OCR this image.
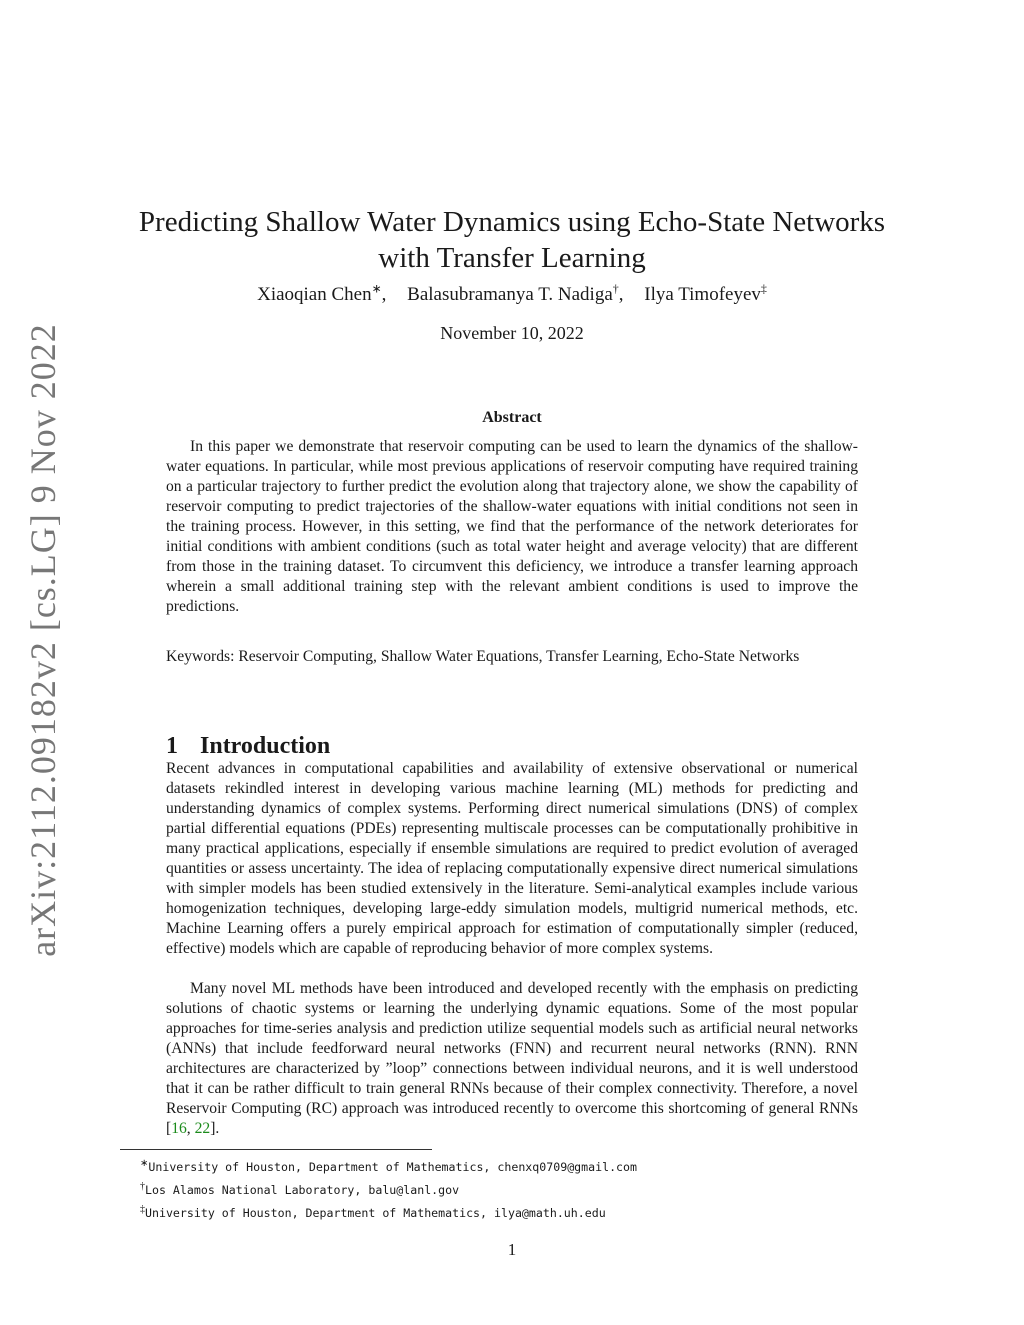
arXiv:2112.09182v2 [cs.LG] 9 Nov 2022
Predicting Shallow Water Dynamics using Echo-State Networks with Transfer Learning
Xiaoqian Chen∗, Balasubramanya T. Nadiga†, Ilya Timofeyev‡
November 10, 2022
Abstract

In this paper we demonstrate that reservoir computing can be used to learn the dynamics of the shallow-water equations. In particular, while most previous applications of reservoir computing have required training on a particular trajectory to further predict the evolution along that trajectory alone, we show the capability of reservoir computing to predict trajectories of the shallow-water equations with initial conditions not seen in the training process. However, in this setting, we find that the performance of the network deteriorates for initial conditions with ambient conditions (such as total water height and average velocity) that are different from those in the training dataset. To circumvent this deficiency, we introduce a transfer learning approach wherein a small additional training step with the relevant ambient conditions is used to improve the predictions.

Keywords: Reservoir Computing, Shallow Water Equations, Transfer Learning, Echo-State Networks

1 Introduction

Recent advances in computational capabilities and availability of extensive observational or numerical datasets rekindled interest in developing various machine learning (ML) methods for predicting and understanding dynamics of complex systems. Performing direct numerical simulations (DNS) of complex partial differential equations (PDEs) representing multiscale processes can be computationally prohibitive in many practical applications, especially if ensemble simulations are required to predict evolution of averaged quantities or assess uncertainty. The idea of replacing computationally expensive direct numerical simulations with simpler models has been studied extensively in the literature. Semi-analytical examples include various homogenization techniques, developing large-eddy simulation models, multigrid numerical methods, etc. Machine Learning offers a purely empirical approach for estimation of computationally simpler (reduced, effective) models which are capable of reproducing behavior of more complex systems.

Many novel ML methods have been introduced and developed recently with the emphasis on predicting solutions of chaotic systems or learning the underlying dynamic equations. Some of the most popular approaches for time-series analysis and prediction utilize sequential models such as artificial neural networks (ANNs) that include feedforward neural networks (FNN) and recurrent neural networks (RNN). RNN architectures are characterized by ”loop” connections between individual neurons, and it is well understood that it can be rather difficult to train general RNNs because of their complex connectivity. Therefore, a novel Reservoir Computing (RC) approach was introduced recently to overcome this shortcoming of general RNNs [16, 22].

∗University of Houston, Department of Mathematics, chenxq0709@gmail.com
†Los Alamos National Laboratory, balu@lanl.gov
‡University of Houston, Department of Mathematics, ilya@math.uh.edu
1
